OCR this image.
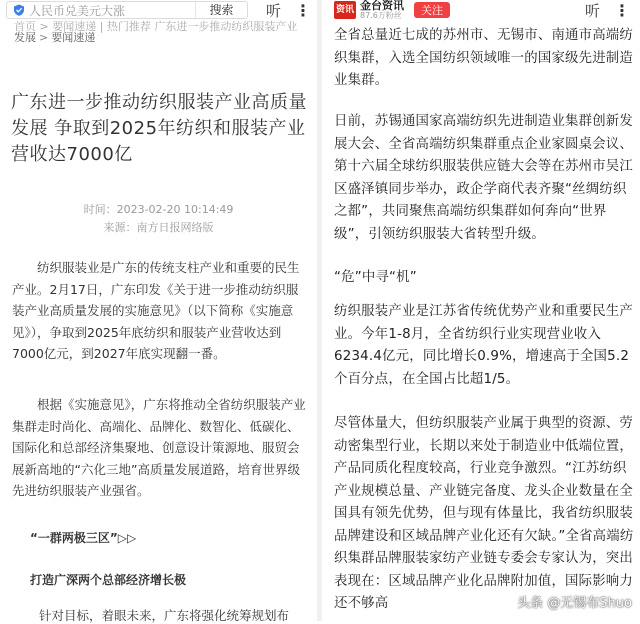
人民币兑美元大涨	搜索	听 ⋮
首页 > 要闻速递 | 热门推荐 广东进一步推动纺织服装产业
发展 > 要闻速递
广东进一步推动纺织服装产业高质量发展 争取到2025年纺织和服装产业营收达7000亿
时间：2023-02-20 10:14:49
来源：南方日报网络版

纺织服装业是广东的传统支柱产业和重要的民生产业。2月17日，广东印发《关于进一步推动纺织服装产业高质量发展的实施意见》（以下简称《实施意见》），争取到2025年底纺织和服装产业营收达到7000亿元，到2027年底实现翻一番。

根据《实施意见》，广东将推动全省纺织服装产业集群走时尚化、高端化、品牌化、数智化、低碳化、国际化和总部经济集聚地、创意设计策源地、服贸会展新高地的“六化三地”高质量发展道路，培育世界级先进纺织服装产业强省。

“一群两极三区”▷▷
打造广深两个总部经济增长极
针对目标，着眼未来，广东将强化统筹规划布
资讯 金台资讯
87.6万粉丝	关注	听 ⋮
全省总量近七成的苏州市、无锡市、南通市高端纺织集群，入选全国纺织领域唯一的国家级先进制造业集群。
日前，苏锡通国家高端纺织先进制造业集群创新发展大会、全省高端纺织集群重点企业家圆桌会议、第十六届全球纺织服装供应链大会等在苏州市吴江区盛泽镇同步举办，政企学商代表齐聚“丝绸纺织之都”，共同聚焦高端纺织集群如何奔向“世界级”，引领纺织服装大省转型升级。
“危”中寻“机”
纺织服装产业是江苏省传统优势产业和重要民生产业。今年1-8月，全省纺织行业实现营业收入6234.4亿元，同比增长0.9%，增速高于全国5.2个百分点，在全国占比超1/5。
尽管体量大，但纺织服装产业属于典型的资源、劳动密集型行业，长期以来处于制造业中低端位置，产品同质化程度较高，行业竞争激烈。“江苏纺织产业规模总量、产业链完备度、龙头企业数量在全国具有领先优势，但与现有体量比，我省纺织服装品牌建设和区域品牌产业化还有欠缺。”全省高端纺织集群品牌服装家纺产业链专委会专家认为，突出表现在：区域品牌产业化品牌附加值，国际影响力还不够高	头条 @无锡布Shuo
